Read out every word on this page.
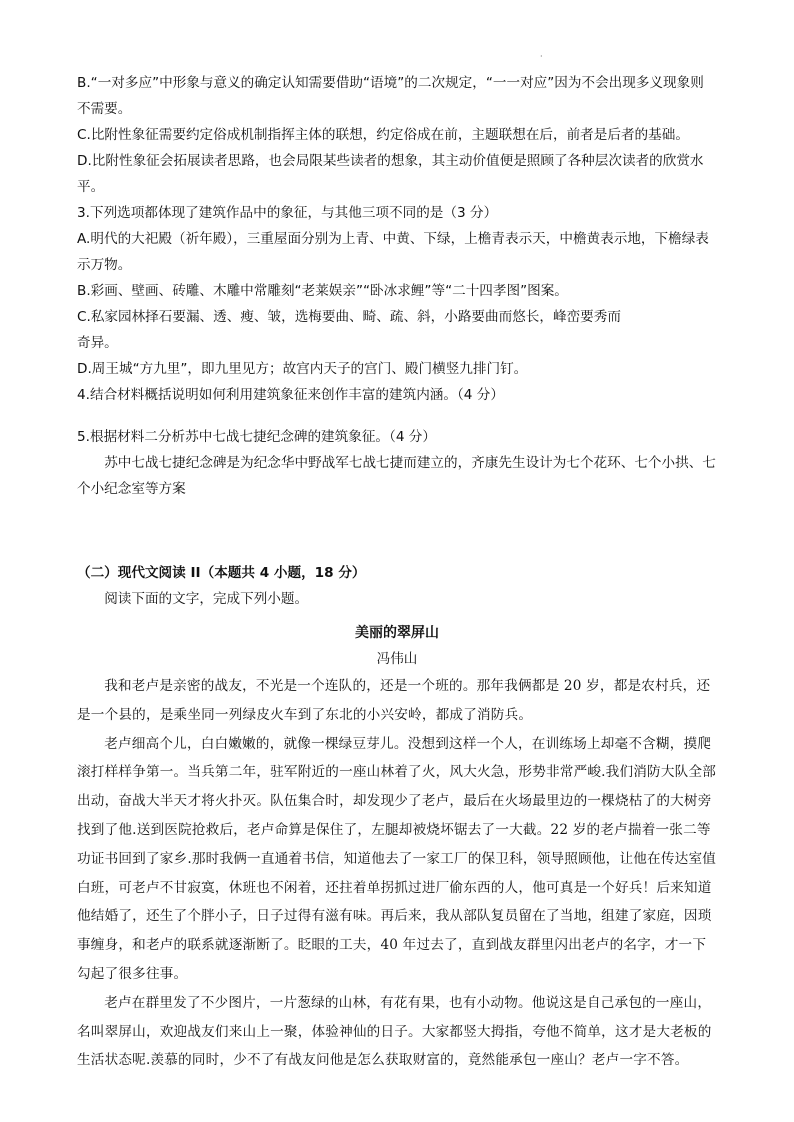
·

B.“一对多应”中形象与意义的确定认知需要借助“语境”的二次规定，“一一对应”因为不会出现多义现象则不需要。

C.比附性象征需要约定俗成机制指挥主体的联想，约定俗成在前，主题联想在后，前者是后者的基础。

D.比附性象征会拓展读者思路，也会局限某些读者的想象，其主动价值便是照顾了各种层次读者的欣赏水平。

3.下列选项都体现了建筑作品中的象征，与其他三项不同的是（3 分）

A.明代的大祀殿（祈年殿），三重屋面分别为上青、中黄、下绿，上檐青表示天，中檐黄表示地，下檐绿表示万物。

B.彩画、壁画、砖雕、木雕中常雕刻“老莱娱亲”“卧冰求鲤”等“二十四孝图”图案。

C.私家园林择石要漏、透、瘦、皱，选梅要曲、畸、疏、斜，小路要曲而悠长，峰峦要秀而

奇异。

D.周王城“方九里”，即九里见方；故宫内天子的宫门、殿门横竖九排门钉。

4.结合材料概括说明如何利用建筑象征来创作丰富的建筑内涵。（4 分）

5.根据材料二分析苏中七战七捷纪念碑的建筑象征。（4 分）

苏中七战七捷纪念碑是为纪念华中野战军七战七捷而建立的，齐康先生设计为七个花环、七个小拱、七个小纪念室等方案

（二）现代文阅读 II（本题共 4 小题，18 分）

阅读下面的文字，完成下列小题。

美丽的翠屏山

冯伟山

我和老卢是亲密的战友，不光是一个连队的，还是一个班的。那年我俩都是 20 岁，都是农村兵，还是一个县的，是乘坐同一列绿皮火车到了东北的小兴安岭，都成了消防兵。

老卢细高个儿，白白嫩嫩的，就像一棵绿豆芽儿。没想到这样一个人，在训练场上却毫不含糊，摸爬滚打样样争第一。当兵第二年，驻军附近的一座山林着了火，风大火急，形势非常严峻.我们消防大队全部出动，奋战大半天才将火扑灭。队伍集合时，却发现少了老卢，最后在火场最里边的一棵烧枯了的大树旁找到了他.送到医院抢救后，老卢命算是保住了，左腿却被烧坏锯去了一大截。22 岁的老卢揣着一张二等功证书回到了家乡.那时我俩一直通着书信，知道他去了一家工厂的保卫科，领导照顾他，让他在传达室值白班，可老卢不甘寂寞，休班也不闲着，还拄着单拐抓过进厂偷东西的人，他可真是一个好兵！后来知道他结婚了，还生了个胖小子，日子过得有滋有味。再后来，我从部队复员留在了当地，组建了家庭，因琐事缠身，和老卢的联系就逐渐断了。眨眼的工夫，40 年过去了，直到战友群里闪出老卢的名字，才一下勾起了很多往事。

老卢在群里发了不少图片，一片葱绿的山林，有花有果，也有小动物。他说这是自己承包的一座山，名叫翠屏山，欢迎战友们来山上一聚，体验神仙的日子。大家都竖大拇指，夸他不简单，这才是大老板的生活状态呢.羡慕的同时，少不了有战友问他是怎么获取财富的，竟然能承包一座山？老卢一字不答。
